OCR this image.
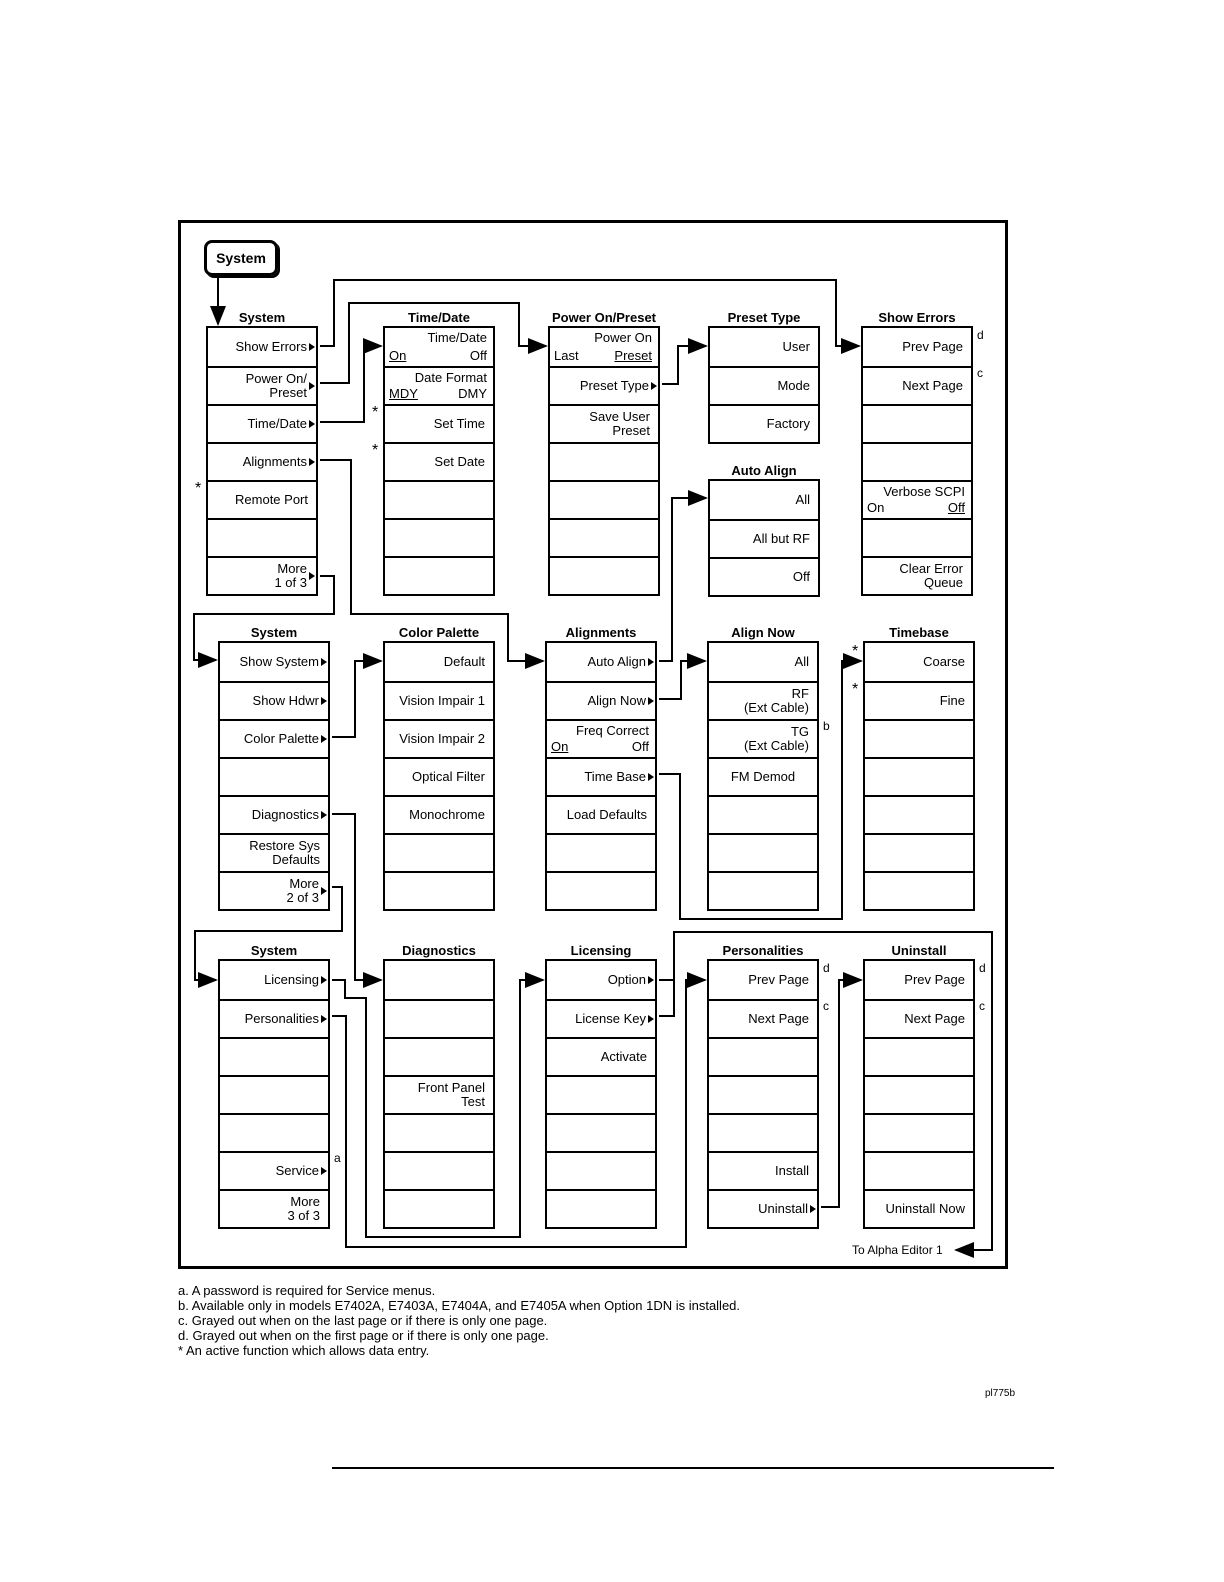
System
System
*
Show Errors
Power On/
Preset
Time/Date
Alignments
Remote Port
More
1 of 3
Time/Date
*
*
Time/Date
On	Off
Date Format
MDY	DMY
Set Time
Set Date
Power On/Preset
Power On
Last	Preset
Preset Type
Save User
Preset
Preset Type
User
Mode
Factory
Auto Align
All
All but RF
Off
Show Errors
d
c
Prev Page
Next Page
Verbose SCPI
On	Off
Clear Error
Queue
System
Show System
Show Hdwr
Color Palette
Diagnostics
Restore Sys
Defaults
More
2 of 3
Color Palette
Default
Vision Impair 1
Vision Impair 2
Optical Filter
Monochrome
Alignments
Auto Align
Align Now
Freq Correct
On	Off
Time Base
Load Defaults
Align Now
b
All
RF
(Ext Cable)
TG
(Ext Cable)
FM Demod
Timebase
*
*
Coarse
Fine
System
a
Licensing
Personalities
Service
More
3 of 3
Diagnostics
Front Panel
Test
Licensing
Option
License Key
Activate
Personalities
d
c
Prev Page
Next Page
Install
Uninstall
Uninstall
d
c
Prev Page
Next Page
Uninstall Now
To Alpha Editor 1
a. A password is required for Service menus.
b. Available only in models E7402A, E7403A, E7404A, and E7405A when Option 1DN is installed.
c. Grayed out when on the last page or if there is only one page.
d. Grayed out when on the first page or if there is only one page.
* An active function which allows data entry.
pl775b
